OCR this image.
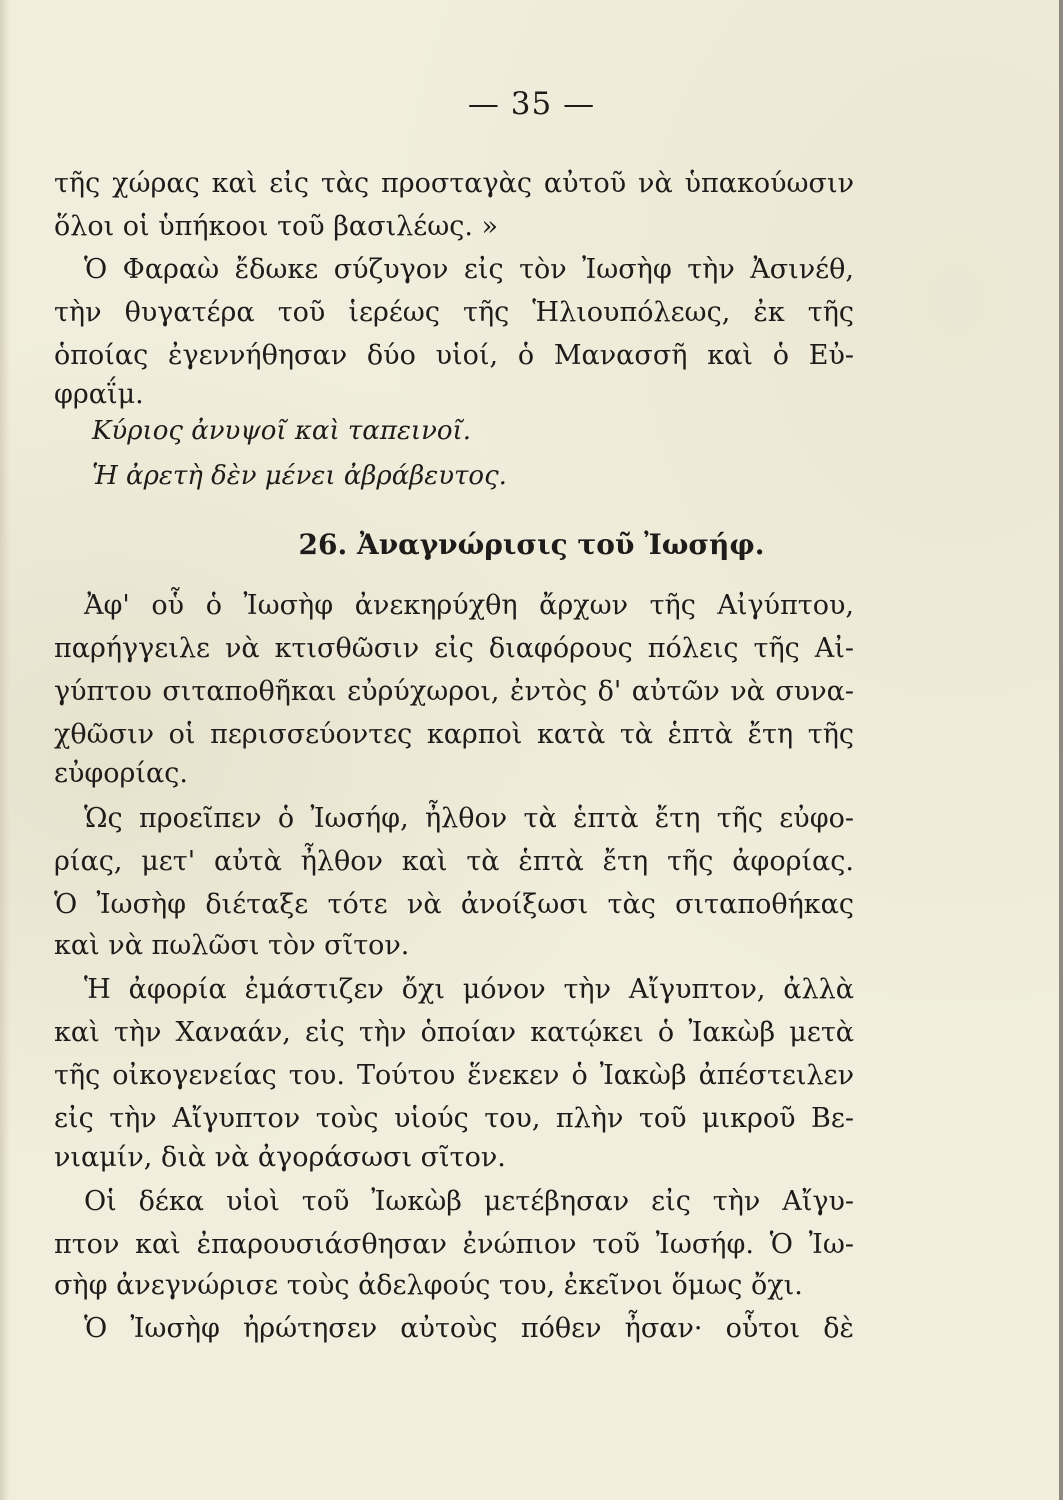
— 35 —
τῆς χώρας καὶ εἰς τὰς προσταγὰς αὐτοῦ νὰ ὑπακούωσιν
ὅλοι οἱ ὑπήκοοι τοῦ βασιλέως. »
Ὁ Φαραὼ ἔδωκε σύζυγον εἰς τὸν Ἰωσὴφ τὴν Ἀσινέθ,
τὴν θυγατέρα τοῦ ἱερέως τῆς Ἡλιουπόλεως, ἐκ τῆς
ὁποίας ἐγεννήθησαν δύο υἱοί, ὁ Μανασσῆ καὶ ὁ Εὐ-
φραΐμ.
Κύριος ἀνυψοῖ καὶ ταπεινοῖ.
Ἡ ἀρετὴ δὲν μένει ἀβράβευτος.
26. Ἀναγνώρισις τοῦ Ἰωσήφ.
Ἀφ' οὗ ὁ Ἰωσὴφ ἀνεκηρύχθη ἄρχων τῆς Αἰγύπτου,
παρήγγειλε νὰ κτισθῶσιν εἰς διαφόρους πόλεις τῆς Αἰ-
γύπτου σιταποθῆκαι εὐρύχωροι, ἐντὸς δ' αὐτῶν νὰ συνα-
χθῶσιν οἱ περισσεύοντες καρποὶ κατὰ τὰ ἑπτὰ ἔτη τῆς
εὐφορίας.
Ὡς προεῖπεν ὁ Ἰωσήφ, ἦλθον τὰ ἑπτὰ ἔτη τῆς εὐφο-
ρίας, μετ' αὐτὰ ἦλθον καὶ τὰ ἑπτὰ ἔτη τῆς ἀφορίας.
Ὁ Ἰωσὴφ διέταξε τότε νὰ ἀνοίξωσι τὰς σιταποθήκας
καὶ νὰ πωλῶσι τὸν σῖτον.
Ἡ ἀφορία ἐμάστιζεν ὄχι μόνον τὴν Αἴγυπτον, ἀλλὰ
καὶ τὴν Χαναάν, εἰς τὴν ὁποίαν κατῴκει ὁ Ἰακὼβ μετὰ
τῆς οἰκογενείας του. Τούτου ἕνεκεν ὁ Ἰακὼβ ἀπέστειλεν
εἰς τὴν Αἴγυπτον τοὺς υἱούς του, πλὴν τοῦ μικροῦ Βε-
νιαμίν, διὰ νὰ ἀγοράσωσι σῖτον.
Οἱ δέκα υἱοὶ τοῦ Ἰωκὼβ μετέβησαν εἰς τὴν Αἴγυ-
πτον καὶ ἐπαρουσιάσθησαν ἐνώπιον τοῦ Ἰωσήφ. Ὁ Ἰω-
σὴφ ἀνεγνώρισε τοὺς ἀδελφούς του, ἐκεῖνοι ὅμως ὄχι.
Ὁ Ἰωσὴφ ἠρώτησεν αὐτοὺς πόθεν ἦσαν· οὗτοι δὲ
